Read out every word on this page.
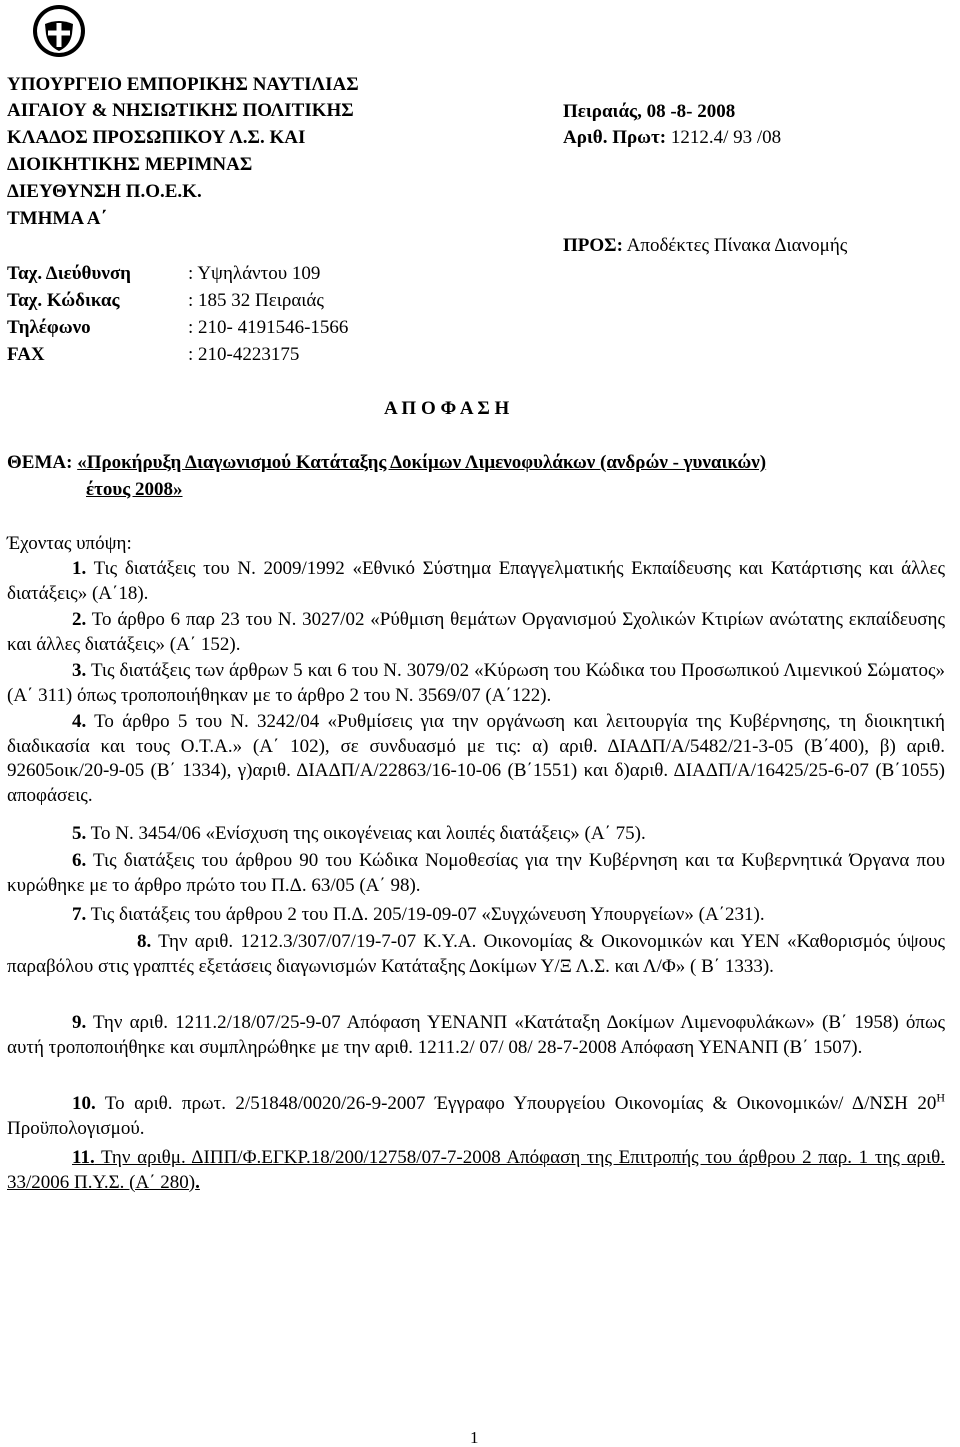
ΥΠΟΥΡΓΕΙΟ ΕΜΠΟΡΙΚΗΣ ΝΑΥΤΙΛΙΑΣ
ΑΙΓΑΙΟΥ & ΝΗΣΙΩΤΙΚΗΣ ΠΟΛΙΤΙΚΗΣ
ΚΛΑΔΟΣ ΠΡΟΣΩΠΙΚΟΥ Λ.Σ. ΚΑΙ
ΔΙΟΙΚΗΤΙΚΗΣ ΜΕΡΙΜΝΑΣ
ΔΙΕΥΘΥΝΣΗ Π.Ο.Ε.Κ.
ΤΜΗΜΑ Α΄
Πειραιάς, 08 -8- 2008
Αριθ. Πρωτ: 1212.4/ 93 /08
ΠΡΟΣ: Αποδέκτες Πίνακα Διανομής
Ταχ. Διεύθυνση	: Υψηλάντου 109
Ταχ. Κώδικας	: 185 32 Πειραιάς
Τηλέφωνο	: 210- 4191546-1566
FAX	: 210-4223175
Α Π Ο Φ Α Σ Η
ΘΕΜΑ: «Προκήρυξη Διαγωνισμού Κατάταξης Δοκίμων Λιμενοφυλάκων (ανδρών - γυναικών)
έτους 2008»
Έχοντας υπόψη:
1. Τις διατάξεις του Ν. 2009/1992 «Εθνικό Σύστημα Επαγγελματικής Εκπαίδευσης και Κατάρτισης και άλλες διατάξεις» (Α΄18).
2. Το άρθρο 6 παρ 23 του Ν. 3027/02 «Ρύθμιση θεμάτων Οργανισμού Σχολικών Κτιρίων ανώτατης εκπαίδευσης και άλλες διατάξεις» (Α΄ 152).
3. Τις διατάξεις των άρθρων 5 και 6 του Ν. 3079/02 «Κύρωση του Κώδικα του Προσωπικού Λιμενικού Σώματος» (Α΄ 311) όπως τροποποιήθηκαν με το άρθρο 2 του Ν. 3569/07 (Α΄122).
4. Το άρθρο 5 του Ν. 3242/04 «Ρυθμίσεις για την οργάνωση και λειτουργία της Κυβέρνησης, τη διοικητική διαδικασία και τους Ο.Τ.Α.» (Α΄ 102), σε συνδυασμό με τις: α) αριθ. ΔΙΑΔΠ/Α/5482/21-3-05 (Β΄400), β) αριθ. 92605οικ/20-9-05 (Β΄ 1334), γ)αριθ. ΔΙΑΔΠ/Α/22863/16-10-06 (Β΄1551) και δ)αριθ. ΔΙΑΔΠ/Α/16425/25-6-07 (Β΄1055) αποφάσεις.
5. Το Ν. 3454/06 «Ενίσχυση της οικογένειας και λοιπές διατάξεις» (Α΄ 75).
6. Τις διατάξεις του άρθρου 90 του Κώδικα Νομοθεσίας για την Κυβέρνηση και τα Κυβερνητικά Όργανα που κυρώθηκε με το άρθρο πρώτο του Π.Δ. 63/05 (Α΄ 98).
7. Τις διατάξεις του άρθρου 2 του Π.Δ. 205/19-09-07 «Συγχώνευση Υπουργείων» (Α΄231).
8. Την αριθ. 1212.3/307/07/19-7-07 Κ.Υ.Α. Οικονομίας & Οικονομικών και ΥΕΝ «Καθορισμός ύψους παραβόλου στις γραπτές εξετάσεις διαγωνισμών Κατάταξης Δοκίμων Υ/Ξ Λ.Σ. και Λ/Φ» ( Β΄ 1333).
9. Την αριθ. 1211.2/18/07/25-9-07 Απόφαση ΥΕΝΑΝΠ «Κατάταξη Δοκίμων Λιμενοφυλάκων» (Β΄ 1958) όπως αυτή τροποποιήθηκε και συμπληρώθηκε με την αριθ. 1211.2/ 07/ 08/ 28-7-2008 Απόφαση ΥΕΝΑΝΠ (Β΄ 1507).
10. Το αριθ. πρωτ. 2/51848/0020/26-9-2007 Έγγραφο Υπουργείου Οικονομίας & Οικονομικών/ Δ/ΝΣΗ $20^H$ Προϋπολογισμού.
11. Την αριθμ. ΔΙΠΠ/Φ.ΕΓΚΡ.18/200/12758/07-7-2008 Απόφαση της Επιτροπής του άρθρου 2 παρ. 1 της αριθ. 33/2006 Π.Υ.Σ. (Α΄ 280).
1
